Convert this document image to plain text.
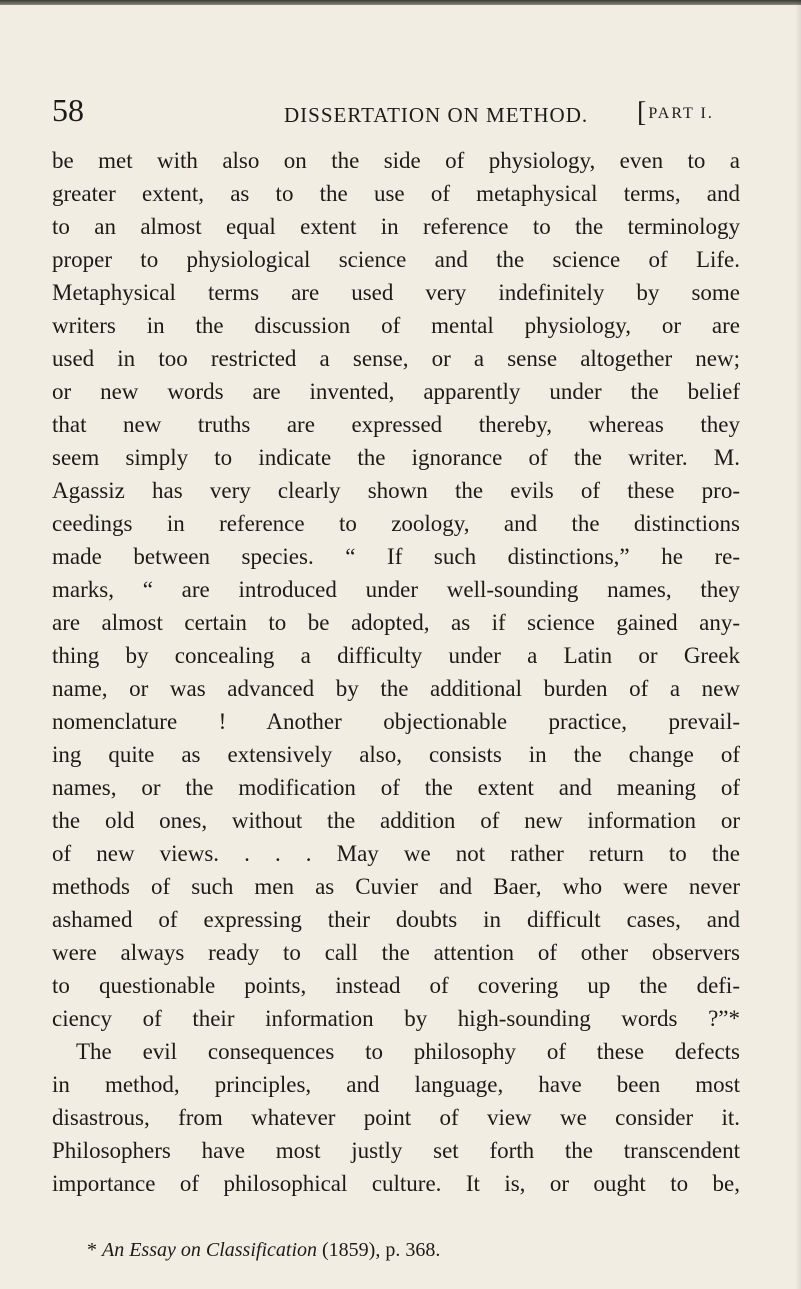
58	DISSERTATION ON METHOD. [ PART I.
be met with also on the side of physiology, even to a
greater extent, as to the use of metaphysical terms, and
to an almost equal extent in reference to the terminology
proper to physiological science and the science of Life.
Metaphysical terms are used very indefinitely by some
writers in the discussion of mental physiology, or are
used in too restricted a sense, or a sense altogether new;
or new words are invented, apparently under the belief
that new truths are expressed thereby, whereas they
seem simply to indicate the ignorance of the writer. M.
Agassiz has very clearly shown the evils of these pro-
ceedings in reference to zoology, and the distinctions
made between species. “ If such distinctions,” he re-
marks, “ are introduced under well-sounding names, they
are almost certain to be adopted, as if science gained any-
thing by concealing a difficulty under a Latin or Greek
name, or was advanced by the additional burden of a new
nomenclature ! Another objectionable practice, prevail-
ing quite as extensively also, consists in the change of
names, or the modification of the extent and meaning of
the old ones, without the addition of new information or
of new views. . . . May we not rather return to the
methods of such men as Cuvier and Baer, who were never
ashamed of expressing their doubts in difficult cases, and
were always ready to call the attention of other observers
to questionable points, instead of covering up the defi-
ciency of their information by high-sounding words ?”*
The evil consequences to philosophy of these defects
in method, principles, and language, have been most
disastrous, from whatever point of view we consider it.
Philosophers have most justly set forth the transcendent
importance of philosophical culture. It is, or ought to be,
* An Essay on Classification (1859), p. 368.
